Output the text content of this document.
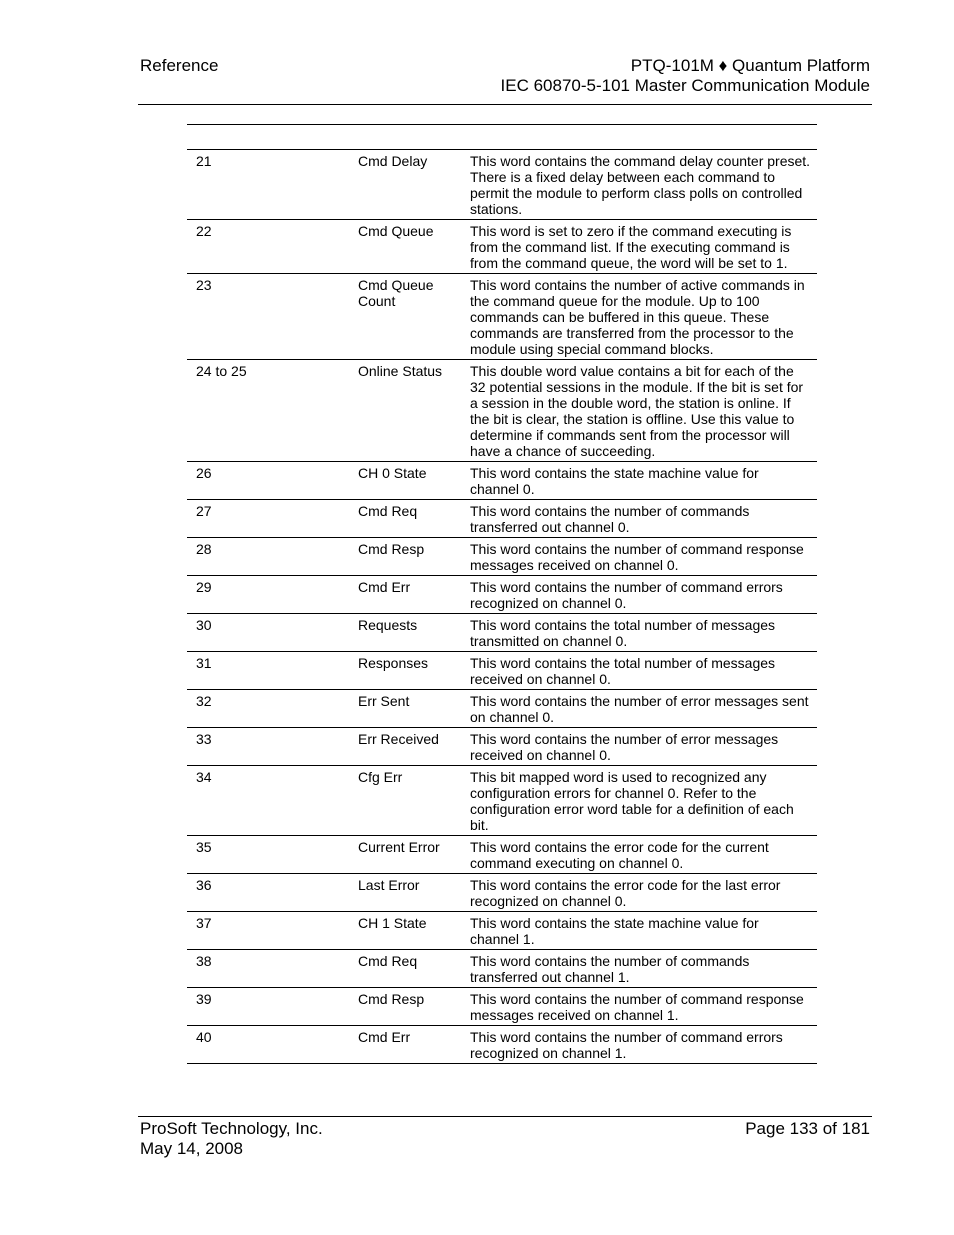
Reference	PTQ-101M ♦ Quantum Platform
IEC 60870-5-101 Master Communication Module
21	Cmd Delay	This word contains the command delay counter preset. There is a fixed delay between each command to permit the module to perform class polls on controlled stations.
22	Cmd Queue	This word is set to zero if the command executing is from the command list. If the executing command is from the command queue, the word will be set to 1.
23	Cmd Queue Count	This word contains the number of active commands in the command queue for the module. Up to 100 commands can be buffered in this queue. These commands are transferred from the processor to the module using special command blocks.
24 to 25	Online Status	This double word value contains a bit for each of the 32 potential sessions in the module. If the bit is set for a session in the double word, the station is online. If the bit is clear, the station is offline. Use this value to determine if commands sent from the processor will have a chance of succeeding.
26	CH 0 State	This word contains the state machine value for channel 0.
27	Cmd Req	This word contains the number of commands transferred out channel 0.
28	Cmd Resp	This word contains the number of command response messages received on channel 0.
29	Cmd Err	This word contains the number of command errors recognized on channel 0.
30	Requests	This word contains the total number of messages transmitted on channel 0.
31	Responses	This word contains the total number of messages received on channel 0.
32	Err Sent	This word contains the number of error messages sent on channel 0.
33	Err Received	This word contains the number of error messages received on channel 0.
34	Cfg Err	This bit mapped word is used to recognized any configuration errors for channel 0. Refer to the configuration error word table for a definition of each bit.
35	Current Error	This word contains the error code for the current command executing on channel 0.
36	Last Error	This word contains the error code for the last error recognized on channel 0.
37	CH 1 State	This word contains the state machine value for channel 1.
38	Cmd Req	This word contains the number of commands transferred out channel 1.
39	Cmd Resp	This word contains the number of command response messages received on channel 1.
40	Cmd Err	This word contains the number of command errors recognized on channel 1.
ProSoft Technology, Inc.
May 14, 2008
Page 133 of 181
